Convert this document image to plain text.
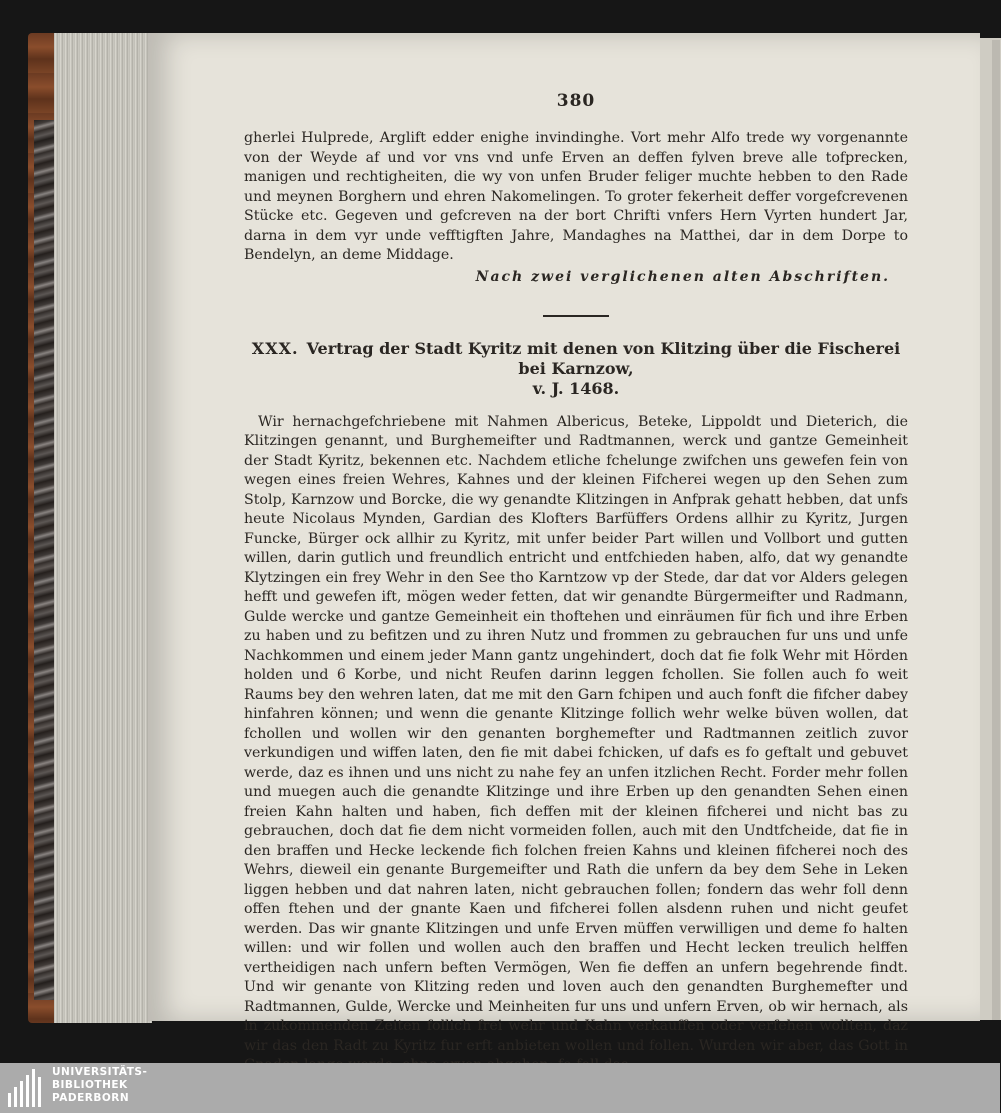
380

gherlei Hulprede, Arglift edder enighe invindinghe. Vort mehr Alfo trede wy vorgenannte von der Weyde af und vor vns vnd unfe Erven an deffen fylven breve alle tofprecken, manigen und rechtigheiten, die wy von unfen Bruder feliger muchte hebben to den Rade und meynen Borghern und ehren Nakomelingen. To groter fekerheit deffer vorgefcrevenen Stücke etc. Gegeven und gefcreven na der bort Chrifti vnfers Hern Vyrten hundert Jar, darna in dem vyr unde vefftigften Jahre, Mandaghes na Matthei, dar in dem Dorpe to Bendelyn, an deme Middage.

Nach zwei verglichenen alten Abschriften.

XXX. Vertrag der Stadt Kyritz mit denen von Klitzing über die Fischerei bei Karnzow,
v. J. 1468.

Wir hernachgefchriebene mit Nahmen Albericus, Beteke, Lippoldt und Dieterich, die Klitzingen genannt, und Burghemeifter und Radtmannen, werck und gantze Gemeinheit der Stadt Kyritz, bekennen etc. Nachdem etliche fchelunge zwifchen uns gewefen fein von wegen eines freien Wehres, Kahnes und der kleinen Fifcherei wegen up den Sehen zum Stolp, Karnzow und Borcke, die wy genandte Klitzingen in Anfprak gehatt hebben, dat unfs heute Nicolaus Mynden, Gardian des Klofters Barfüffers Ordens allhir zu Kyritz, Jurgen Funcke, Bürger ock allhir zu Kyritz, mit unfer beider Part willen und Vollbort und gutten willen, darin gutlich und freundlich entricht und entfchieden haben, alfo, dat wy genandte Klytzingen ein frey Wehr in den See tho Karntzow vp der Stede, dar dat vor Alders gelegen hefft und gewefen ift, mögen weder fetten, dat wir genandte Bürgermeifter und Radmann, Gulde wercke und gantze Gemeinheit ein thoftehen und einräumen für fich und ihre Erben zu haben und zu befitzen und zu ihren Nutz und frommen zu gebrauchen fur uns und unfe Nachkommen und einem jeder Mann gantz ungehindert, doch dat fie folk Wehr mit Hörden holden und 6 Korbe, und nicht Reufen darinn leggen fchollen. Sie follen auch fo weit Raums bey den wehren laten, dat me mit den Garn fchipen und auch fonft die fifcher dabey hinfahren können; und wenn die genante Klitzinge follich wehr welke büven wollen, dat fchollen und wollen wir den genanten borghemefter und Radtmannen zeitlich zuvor verkundigen und wiffen laten, den fie mit dabei fchicken, uf dafs es fo geftalt und gebuvet werde, daz es ihnen und uns nicht zu nahe fey an unfen itzlichen Recht. Forder mehr follen und muegen auch die genandte Klitzinge und ihre Erben up den genandten Sehen einen freien Kahn halten und haben, fich deffen mit der kleinen fifcherei und nicht bas zu gebrauchen, doch dat fie dem nicht vormeiden follen, auch mit den Undtfcheide, dat fie in den braffen und Hecke leckende fich folchen freien Kahns und kleinen fifcherei noch des Wehrs, dieweil ein genante Burgemeifter und Rath die unfern da bey dem Sehe in Leken liggen hebben und dat nahren laten, nicht gebrauchen follen; fondern das wehr foll denn offen ftehen und der gnante Kaen und fifcherei follen alsdenn ruhen und nicht geufet werden. Das wir gnante Klitzingen und unfe Erven müffen verwilligen und deme fo halten willen: und wir follen und wollen auch den braffen und Hecht lecken treulich helffen vertheidigen nach unfern beften Vermögen, Wen fie deffen an unfern begehrende findt. Und wir genante von Klitzing reden und loven auch den genandten Burghemefter und Radtmannen, Gulde, Wercke und Meinheiten fur uns und unfern Erven, ob wir hernach, als in zukommenden Zeiten follich frei wehr und Kahn verkauffen oder verfehen wollten, daz wir das den Radt zu Kyritz fur erft anbieten wollen und follen. Wurden wir aber, das Gott in

UNIVERSITÄTS-
BIBLIOTHEK
PADERBORN
